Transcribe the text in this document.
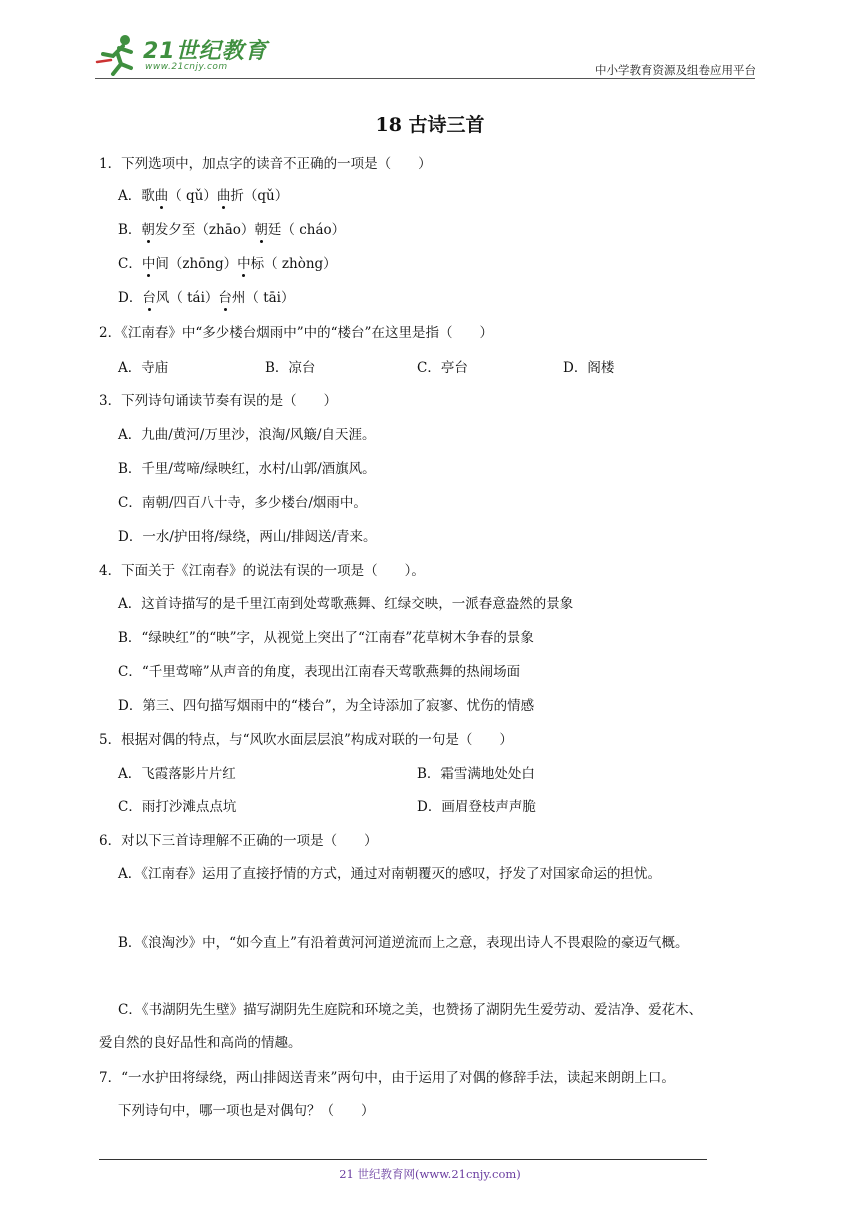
21世纪教育
www.21cnjy.com	中小学教育资源及组卷应用平台
18 古诗三首
1．下列选项中，加点字的读音不正确的一项是（　　）
A．歌曲（ qǔ）曲折（qǔ）
B．朝发夕至（zhāo）朝廷（ cháo）
C．中间（zhōng）中标（ zhòng）
D．台风（ tái）台州（ tāi）
2．《江南春》中“多少楼台烟雨中”中的“楼台”在这里是指（　　）
A．寺庙	B．凉台	C．亭台	D．阁楼
3．下列诗句诵读节奏有误的是（　　）
A．九曲/黄河/万里沙，浪淘/风簸/自天涯。
B．千里/莺啼/绿映红，水村/山郭/酒旗风。
C．南朝/四百八十寺，多少楼台/烟雨中。
D．一水/护田将/绿绕，两山/排闼送/青来。
4．下面关于《江南春》的说法有误的一项是（　　）。
A．这首诗描写的是千里江南到处莺歌燕舞、红绿交映，一派春意盎然的景象
B．“绿映红”的“映”字，从视觉上突出了“江南春”花草树木争春的景象
C．“千里莺啼”从声音的角度，表现出江南春天莺歌燕舞的热闹场面
D．第三、四句描写烟雨中的“楼台”，为全诗添加了寂寥、忧伤的情感
5．根据对偶的特点，与“风吹水面层层浪”构成对联的一句是（　　）
A．飞霞落影片片红	B．霜雪满地处处白
C．雨打沙滩点点坑	D．画眉登枝声声脆
6．对以下三首诗理解不正确的一项是（　　）
A．《江南春》运用了直接抒情的方式，通过对南朝覆灭的感叹，抒发了对国家命运的担忧。
B．《浪淘沙》中，“如今直上”有沿着黄河河道逆流而上之意，表现出诗人不畏艰险的豪迈气概。
C．《书湖阴先生壁》描写湖阴先生庭院和环境之美，也赞扬了湖阴先生爱劳动、爱洁净、爱花木、
爱自然的良好品性和高尚的情趣。
7．“一水护田将绿绕，两山排闼送青来”两句中，由于运用了对偶的修辞手法，读起来朗朗上口。
下列诗句中，哪一项也是对偶句？（　　）
21 世纪教育网(www.21cnjy.com)
